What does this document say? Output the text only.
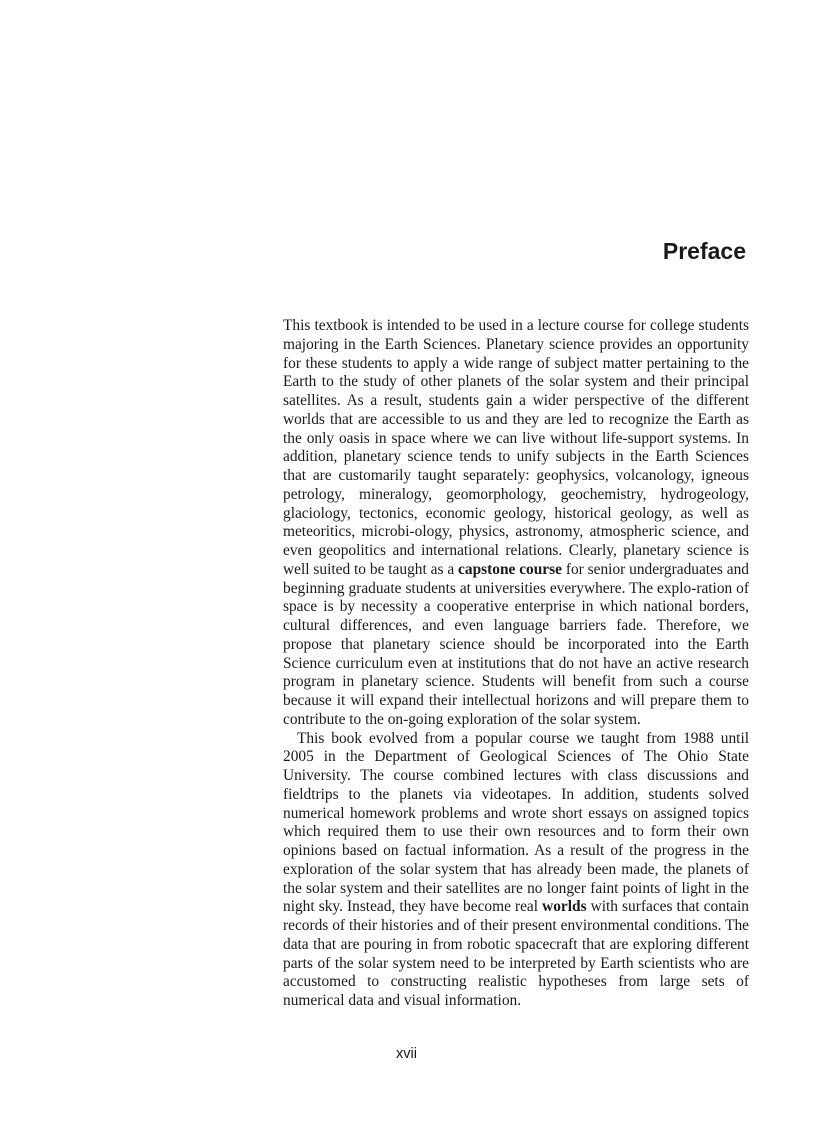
Preface

This textbook is intended to be used in a lecture course for college students majoring in the Earth Sciences. Planetary science provides an opportunity for these students to apply a wide range of subject matter pertaining to the Earth to the study of other planets of the solar system and their principal satellites. As a result, students gain a wider perspective of the different worlds that are accessible to us and they are led to recognize the Earth as the only oasis in space where we can live without life-support systems. In addition, planetary science tends to unify subjects in the Earth Sciences that are customarily taught separately: geophysics, volcanology, igneous petrology, mineralogy, geomorphology, geochemistry, hydrogeology, glaciology, tectonics, economic geology, historical geology, as well as meteoritics, microbi-ology, physics, astronomy, atmospheric science, and even geopolitics and international relations. Clearly, planetary science is well suited to be taught as a capstone course for senior undergraduates and beginning graduate students at universities everywhere. The explo-ration of space is by necessity a cooperative enterprise in which national borders, cultural differences, and even language barriers fade. Therefore, we propose that planetary science should be incorporated into the Earth Science curriculum even at institutions that do not have an active research program in planetary science. Students will benefit from such a course because it will expand their intellectual horizons and will prepare them to contribute to the on-going exploration of the solar system.

This book evolved from a popular course we taught from 1988 until 2005 in the Department of Geological Sciences of The Ohio State University. The course combined lectures with class discussions and fieldtrips to the planets via videotapes. In addition, students solved numerical homework problems and wrote short essays on assigned topics which required them to use their own resources and to form their own opinions based on factual information. As a result of the progress in the exploration of the solar system that has already been made, the planets of the solar system and their satellites are no longer faint points of light in the night sky. Instead, they have become real worlds with surfaces that contain records of their histories and of their present environmental conditions. The data that are pouring in from robotic spacecraft that are exploring different parts of the solar system need to be interpreted by Earth scientists who are accustomed to constructing realistic hypotheses from large sets of numerical data and visual information.

xvii
